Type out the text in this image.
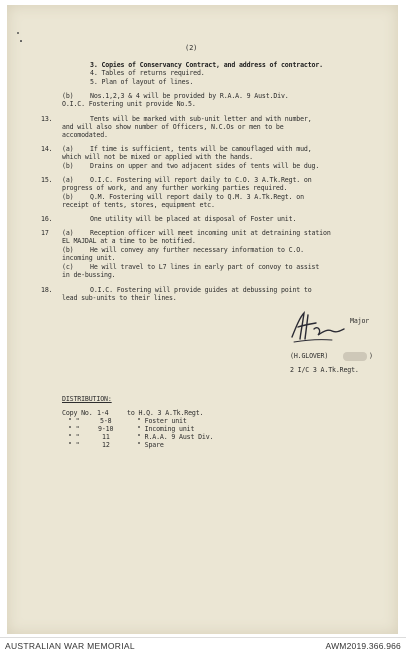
(2)

3. Copies of Conservancy Contract, and address of contractor.

4. Tables of returns required.

5. Plan of layout of lines.

(b)	Nos.1,2,3 & 4 will be provided by R.A.A. 9 Aust.Div.

O.I.C. Fostering unit provide No.5.

13.	Tents will be marked with sub-unit letter and with number,

and will also show number of Officers, N.C.Os or men to be

accomodated.

14. (a)	If time is sufficient, tents will be camouflaged with mud,

which will not be mixed or applied with the hands.

(b)	Drains on upper and two adjacent sides of tents will be dug.

15. (a)	O.I.C. Fostering will report daily to C.O. 3 A.Tk.Regt. on

progress of work, and any further working parties required.

(b)	Q.M. Fostering will report daily to Q.M. 3 A.Tk.Regt. on

receipt of tents, stores, equipment etc.

16.	One utility will be placed at disposal of Foster unit.

17 (a)	Reception officer will meet incoming unit at detraining station

EL MAJDAL at a time to be notified.

(b)	He will convey any further necessary information to C.O.

incoming unit.

(c)	He will travel to L7 lines in early part of convoy to assist

in de-bussing.

18.	O.I.C. Fostering will provide guides at debussing point to

lead sub-units to their lines.

Major

(H.GLOVER)	)

2 I/C 3 A.Tk.Regt.

DISTRIBUTION:

Copy No. 1-4	to H.Q. 3 A.Tk.Regt.

" "	5-8	" Foster unit

" "	9-10	" Incoming unit

" "	11	" R.A.A. 9 Aust Div.

" "	12	" Spare

AUSTRALIAN WAR MEMORIAL	AWM2019.366.966
